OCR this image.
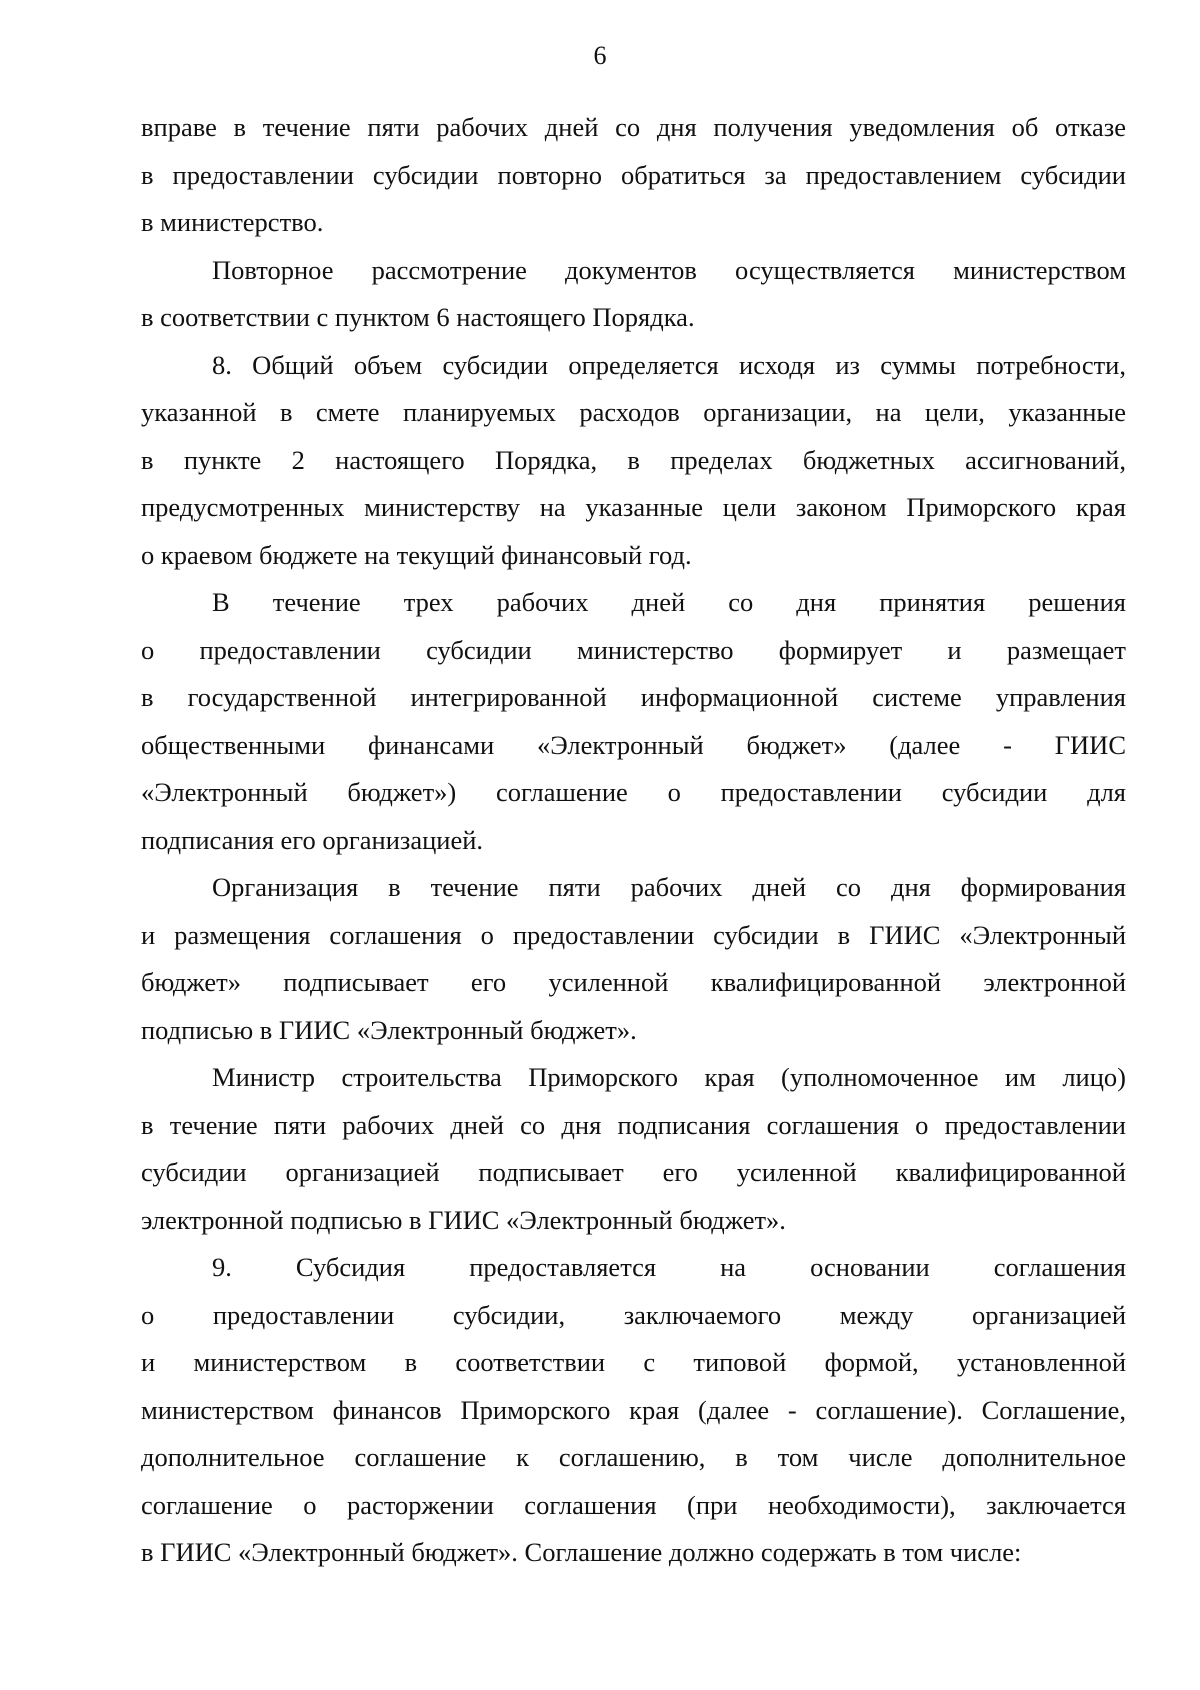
6
вправе в течение пяти рабочих дней со дня получения уведомления об отказе
в предоставлении субсидии повторно обратиться за предоставлением субсидии
в министерство.
Повторное рассмотрение документов осуществляется министерством
в соответствии с пунктом 6 настоящего Порядка.
8. Общий объем субсидии определяется исходя из суммы потребности,
указанной в смете планируемых расходов организации, на цели, указанные
в пункте 2 настоящего Порядка, в пределах бюджетных ассигнований,
предусмотренных министерству на указанные цели законом Приморского края
о краевом бюджете на текущий финансовый год.
В течение трех рабочих дней со дня принятия решения
о предоставлении субсидии министерство формирует и размещает
в государственной интегрированной информационной системе управления
общественными финансами «Электронный бюджет» (далее - ГИИС
«Электронный бюджет») соглашение о предоставлении субсидии для
подписания его организацией.
Организация в течение пяти рабочих дней со дня формирования
и размещения соглашения о предоставлении субсидии в ГИИС «Электронный
бюджет» подписывает его усиленной квалифицированной электронной
подписью в ГИИС «Электронный бюджет».
Министр строительства Приморского края (уполномоченное им лицо)
в течение пяти рабочих дней со дня подписания соглашения о предоставлении
субсидии организацией подписывает его усиленной квалифицированной
электронной подписью в ГИИС «Электронный бюджет».
9. Субсидия предоставляется на основании соглашения
о предоставлении субсидии, заключаемого между организацией
и министерством в соответствии с типовой формой, установленной
министерством финансов Приморского края (далее - соглашение). Соглашение,
дополнительное соглашение к соглашению, в том числе дополнительное
соглашение о расторжении соглашения (при необходимости), заключается
в ГИИС «Электронный бюджет». Соглашение должно содержать в том числе:
